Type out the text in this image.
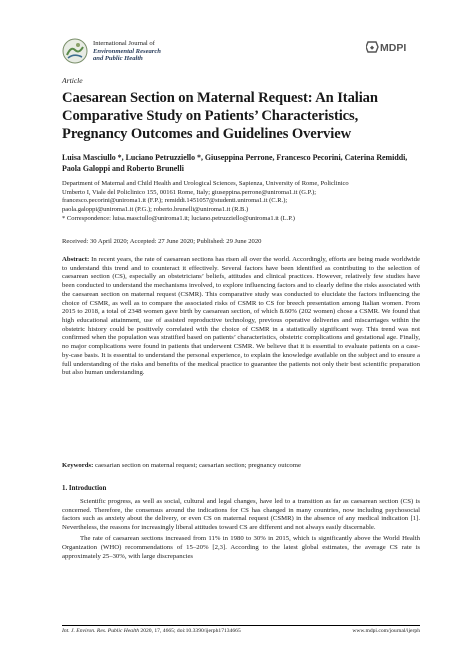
International Journal of
Environmental Research
and Public Health
◆ MDPI
Article
Caesarean Section on Maternal Request: An Italian Comparative Study on Patients’ Characteristics, Pregnancy Outcomes and Guidelines Overview
Luisa Masciullo *, Luciano Petruzziello *, Giuseppina Perrone, Francesco Pecorini, Caterina Remiddi, Paola Galoppi and Roberto Brunelli
Department of Maternal and Child Health and Urological Sciences, Sapienza, University of Rome, Policlinico
Umberto I, Viale del Policlinico 155, 00161 Rome, Italy; giuseppina.perrone@uniroma1.it (G.P.);
francesco.pecorini@uniroma1.it (F.P.); remiddi.1451057@studenti.uniroma1.it (C.R.);
paola.galoppi@uniroma1.it (P.G.); roberto.brunelli@uniroma1.it (R.B.)
* Correspondence: luisa.masciullo@uniroma1.it; luciano.petruzziello@uniroma1.it (L.P.)
Received: 30 April 2020; Accepted: 27 June 2020; Published: 29 June 2020
Abstract: In recent years, the rate of caesarean sections has risen all over the world. Accordingly, efforts are being made worldwide to understand this trend and to counteract it effectively. Several factors have been identified as contributing to the selection of caesarean section (CS), especially an obstetricians’ beliefs, attitudes and clinical practices. However, relatively few studies have been conducted to understand the mechanisms involved, to explore influencing factors and to clearly define the risks associated with the caesarean section on maternal request (CSMR). This comparative study was conducted to elucidate the factors influencing the choice of CSMR, as well as to compare the associated risks of CSMR to CS for breech presentation among Italian women. From 2015 to 2018, a total of 2348 women gave birth by caesarean section, of which 8.60% (202 women) chose a CSMR. We found that high educational attainment, use of assisted reproductive technology, previous operative deliveries and miscarriages within the obstetric history could be positively correlated with the choice of CSMR in a statistically significant way. This trend was not confirmed when the population was stratified based on patients’ characteristics, obstetric complications and gestational age. Finally, no major complications were found in patients that underwent CSMR. We believe that it is essential to evaluate patients on a case-by-case basis. It is essential to understand the personal experience, to explain the knowledge available on the subject and to ensure a full understanding of the risks and benefits of the medical practice to guarantee the patients not only their best scientific preparation but also human understanding.
Keywords: caesarian section on maternal request; caesarian section; pregnancy outcome
1. Introduction

Scientific progress, as well as social, cultural and legal changes, have led to a transition as far as caesarean section (CS) is concerned. Therefore, the consensus around the indications for CS has changed in many countries, now including psychosocial factors such as anxiety about the delivery, or even CS on maternal request (CSMR) in the absence of any medical indication [1]. Nevertheless, the reasons for increasingly liberal attitudes toward CS are different and not always easily discernable.

The rate of caesarean sections increased from 11% in 1980 to 30% in 2015, which is significantly above the World Health Organization (WHO) recommendations of 15–20% [2,3]. According to the latest global estimates, the average CS rate is approximately 25–30%, with large discrepancies

Int. J. Environ. Res. Public Health 2020, 17, 4665; doi:10.3390/ijerph17134665	www.mdpi.com/journal/ijerph
